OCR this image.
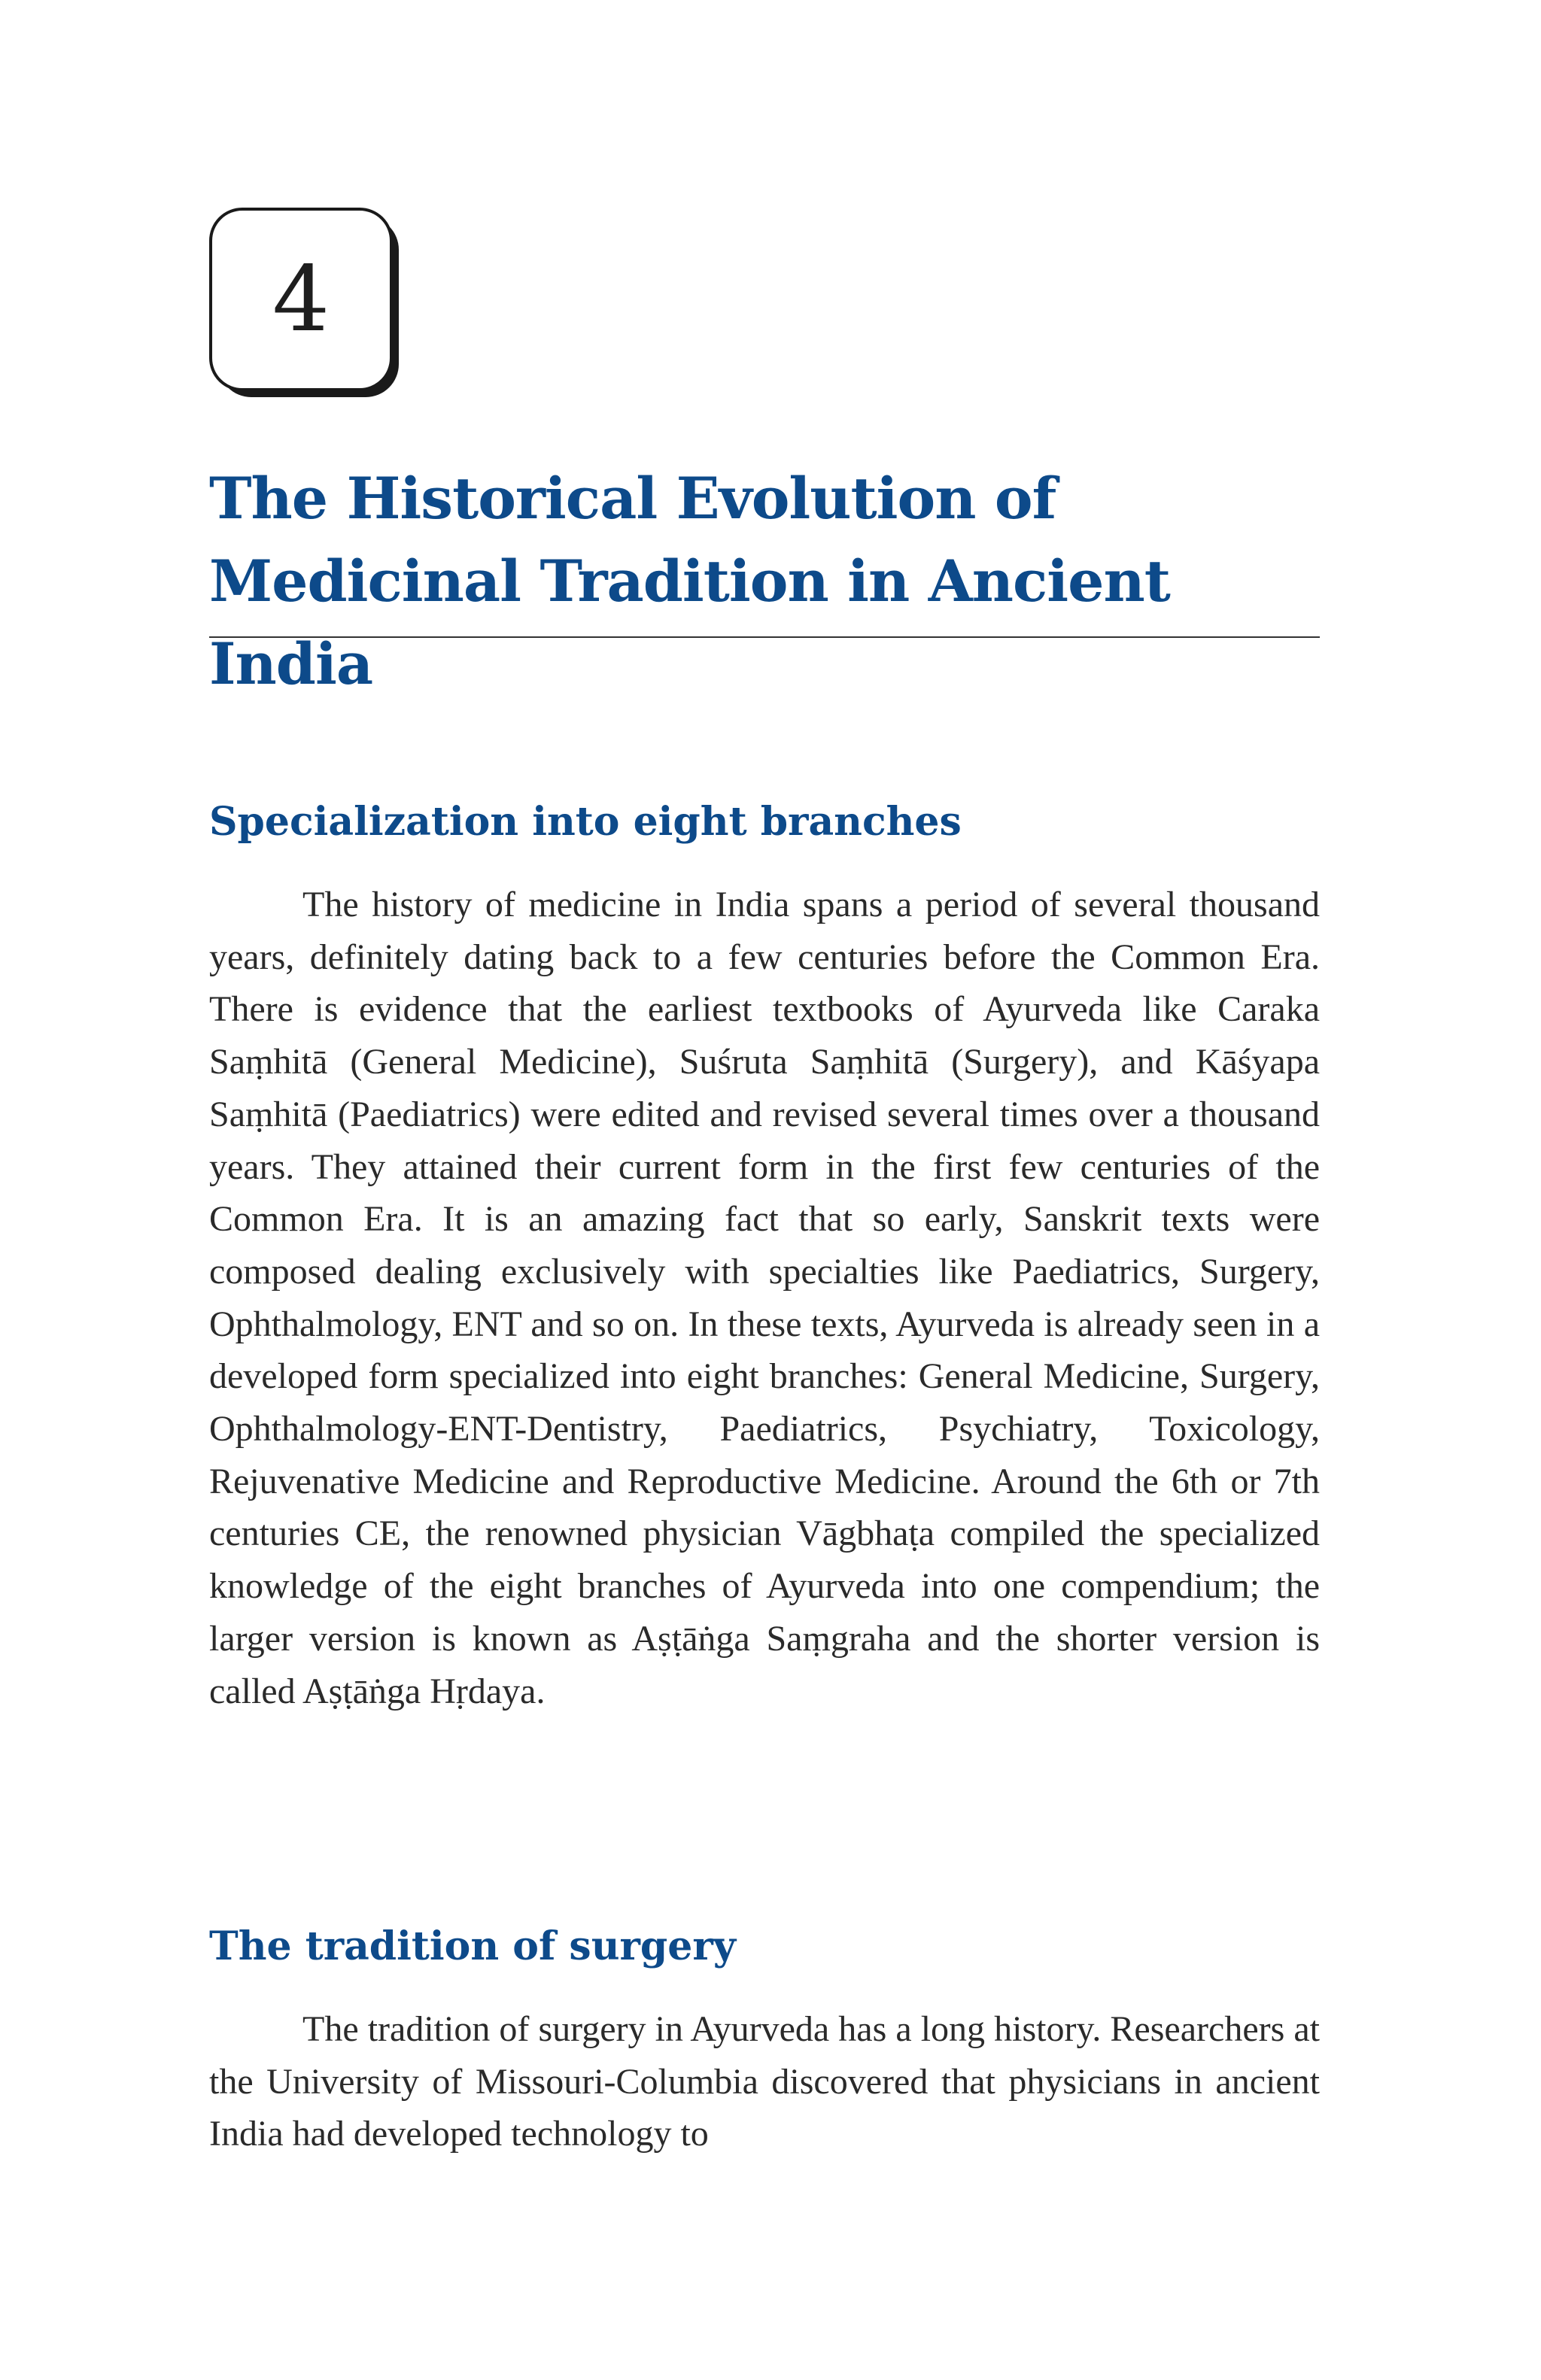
4
The Historical Evolution of Medicinal Tradition in Ancient India
Specialization into eight branches

The history of medicine in India spans a period of several thousand years, definitely dating back to a few centuries before the Common Era. There is evidence that the earliest textbooks of Ayurveda like Caraka Saṃhitā (General Medicine), Suśruta Saṃhitā (Surgery), and Kāśyapa Saṃhitā (Paediatrics) were edited and revised several times over a thousand years. They attained their current form in the first few centuries of the Common Era. It is an amazing fact that so early, Sanskrit texts were composed dealing exclusively with specialties like Paediatrics, Surgery, Ophthalmology, ENT and so on. In these texts, Ayurveda is already seen in a developed form specialized into eight branches: General Medicine, Surgery, Ophthalmology-ENT-Dentistry, Paediatrics, Psychiatry, Toxicology, Rejuvenative Medicine and Reproductive Medicine. Around the 6th or 7th centuries CE, the renowned physician Vāgbhaṭa compiled the specialized knowledge of the eight branches of Ayurveda into one compendium; the larger version is known as Aṣṭāṅga Saṃgraha and the shorter version is called Aṣṭāṅga Hṛdaya.

The tradition of surgery

The tradition of surgery in Ayurveda has a long history. Researchers at the University of Missouri-Columbia discovered that physicians in ancient India had developed technology to
